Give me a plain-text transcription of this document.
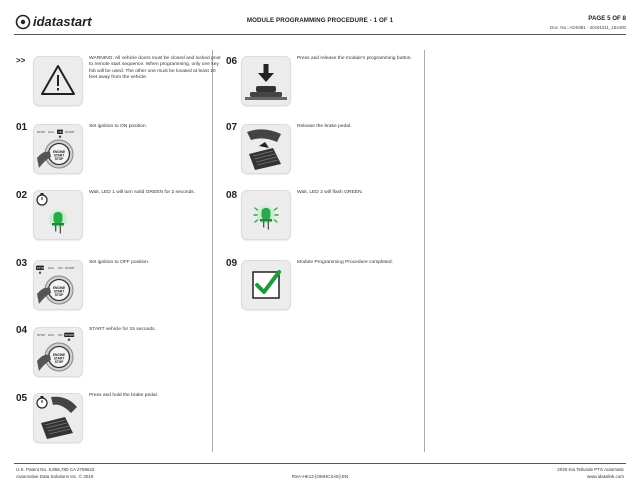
idatastart	MODULE PROGRAMMING PROCEDURE - 1 OF 1	PAGE 5 OF 8
Doc. No.: ADS081 - 20191011_154400
>>	WARNING: All vehicle doors must be closed and locked prior to remote start sequence. When programming, only one key fob will be used. The other one must be located at least 10 feet away from the vehicle.
01	STOP ACC ON START
ENGINE
START
STOP
Set ignition to ON position.
02	Wait, LED 1 will turn solid GREEN for 2 seconds.
03	STOP ACC ON START
ENGINE
START
STOP
Set ignition to OFF position.
04	STOP ACC ON START
ENGINE
START
STOP
START vehicle for 15 seconds.
05	Press and hold the brake pedal.
06	Press and release the module's programming button.
07	Release the brake pedal.
08	Wait, LED 2 will flash GREEN.
09	Module Programming Procedure completed.
U.S. Patent No. 8,856,780 CA 2759622
Automotive Data Solutions Inc. © 2019	RSA-HK12-[OMHCXAE]-EN
2020 Kia Telluride PTS Automatic
www.idatalink.com
